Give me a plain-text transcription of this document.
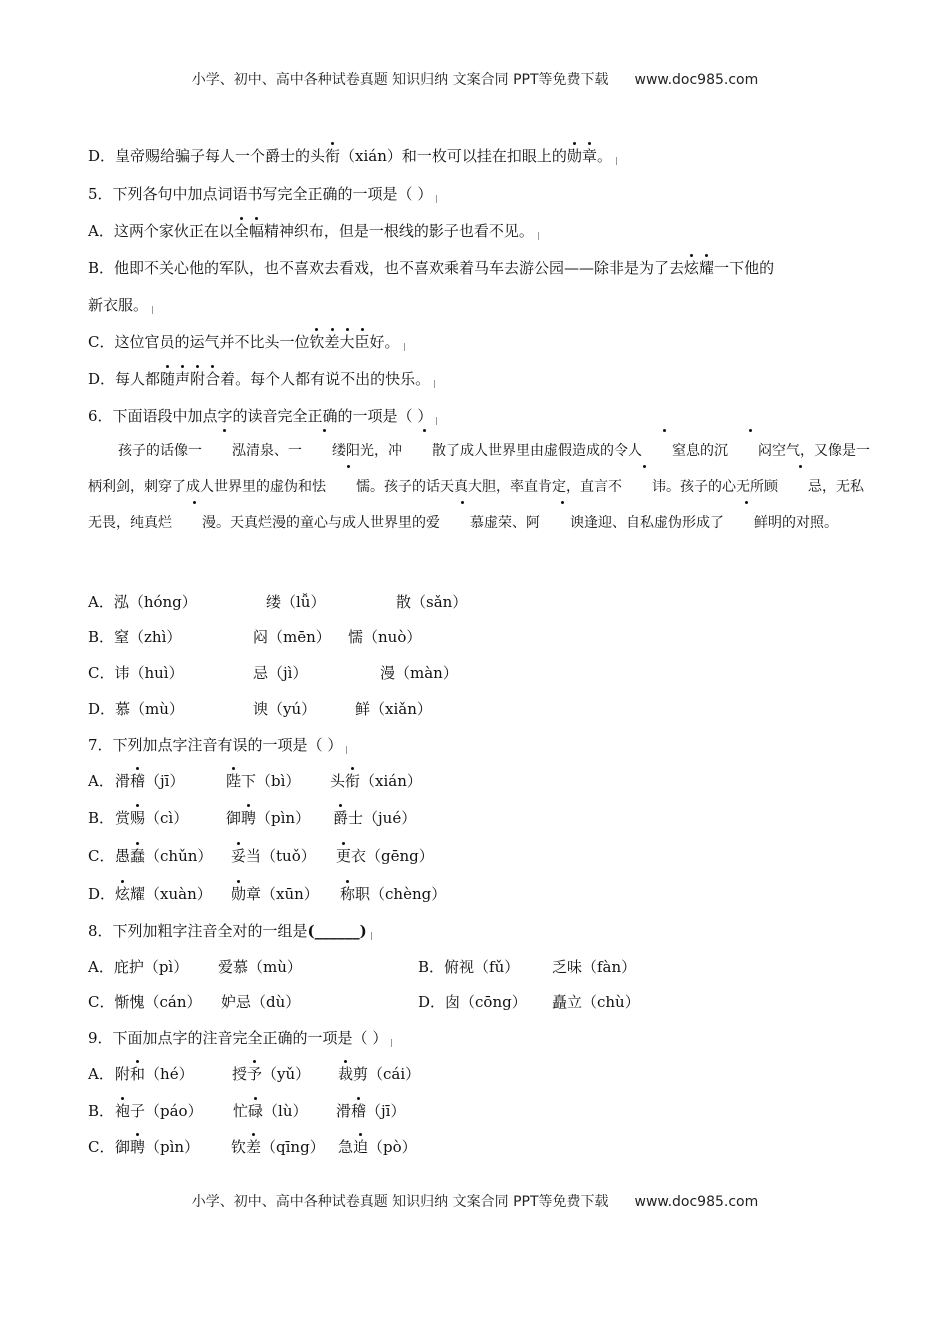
小学、初中、高中各种试卷真题 知识归纳 文案合同 PPT等免费下载 www.doc985.com
D．皇帝赐给骗子每人一个爵士的头衔（xián）和一枚可以挂在扣眼上的勋章。
5．下列各句中加点词语书写完全正确的一项是（ ）
A．这两个家伙正在以全幅精神织布，但是一根线的影子也看不见。
B．他即不关心他的军队，也不喜欢去看戏，也不喜欢乘着马车去游公园——除非是为了去炫耀一下他的
新衣服。
C．这位官员的运气并不比头一位钦差大臣好。
D．每人都随声附合着。每个人都有说不出的快乐。
6．下面语段中加点字的读音完全正确的一项是（ ）
孩子的话像一 泓清泉、一 缕阳光，冲 散了成人世界里由虚假造成的令人 窒息的沉 闷空气，又像是一柄利剑，刺穿了成人世界里的虚伪和怯 懦。孩子的话天真大胆，率直肯定，直言不 讳。孩子的心无所顾 忌，无私无畏，纯真烂 漫。天真烂漫的童心与成人世界里的爱 慕虚荣、阿 谀逢迎、自私虚伪形成了 鲜明的对照。
A．泓（hóng）	缕（lǚ）	散（sǎn）
B．窒（zhì）	闷（mēn） 懦（nuò）
C．讳（huì）	忌（jì）	漫（màn）
D．慕（mù）	谀（yú）	鲜（xiǎn）
7．下列加点字注音有误的一项是（ ）
A． 滑稽（jī）	陛下（bì） 头衔（xián）
B． 赏赐（cì）	御聘（pìn） 爵士（jué）
C． 愚蠢（chǔn） 妥当（tuǒ） 更衣（gēng）
D． 炫耀（xuàn） 勋章（xūn） 称职（chèng）
8．下列加粗字注音全对的一组是(______)
A．庇护（pì） 爱慕（mù）	B．俯视（fǔ） 乏味（fàn）
C．惭愧（cán） 妒忌（dù）	D．囱（cōng） 矗立（chù）
9．下面加点字的注音完全正确的一项是（ ）
A． 附和（hé）	授予（yǔ） 裁剪（cái）
B． 袍子（páo） 忙碌（lù） 滑稽（jī）
C． 御聘（pìn） 钦差（qīng） 急迫（pò）
小学、初中、高中各种试卷真题 知识归纳 文案合同 PPT等免费下载 www.doc985.com
